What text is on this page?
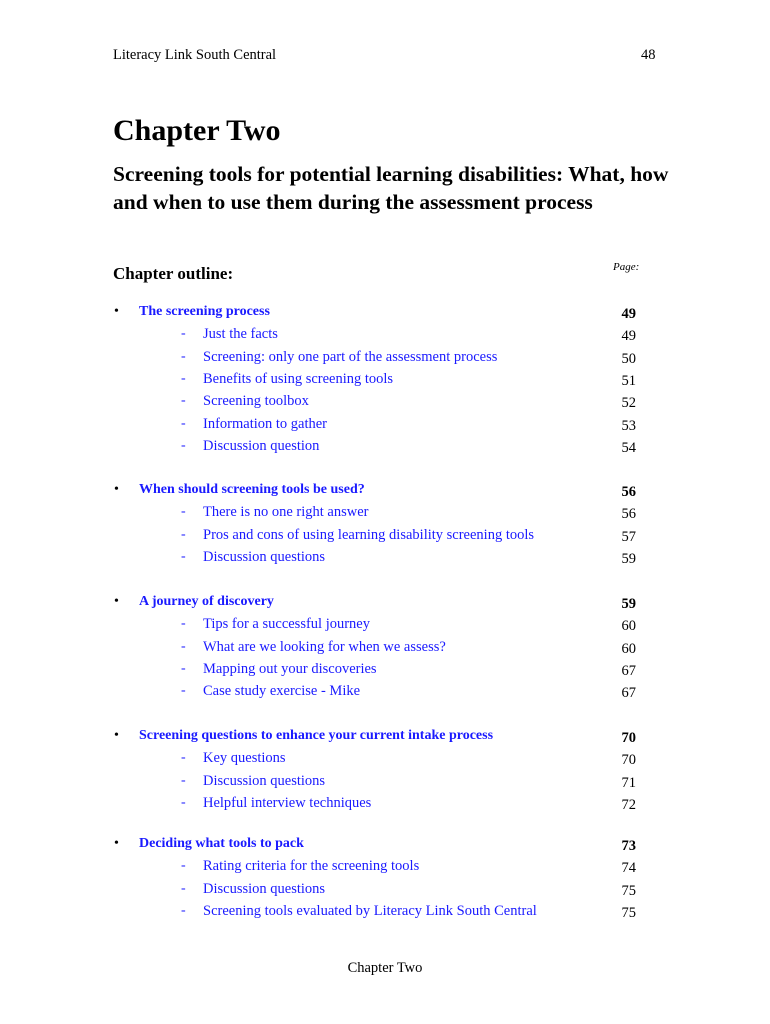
Literacy Link South Central	48
Chapter Two
Screening tools for potential learning disabilities: What, how and when to use them during the assessment process
Chapter outline:	Page:
• The screening process	49
- Just the facts	49
- Screening: only one part of the assessment process	50
- Benefits of using screening tools	51
- Screening toolbox	52
- Information to gather	53
- Discussion question	54
• When should screening tools be used?	56
- There is no one right answer	56
- Pros and cons of using learning disability screening tools	57
- Discussion questions	59
• A journey of discovery	59
- Tips for a successful journey	60
- What are we looking for when we assess?	60
- Mapping out your discoveries	67
- Case study exercise - Mike	67
• Screening questions to enhance your current intake process	70
- Key questions	70
- Discussion questions	71
- Helpful interview techniques	72
• Deciding what tools to pack	73
- Rating criteria for the screening tools	74
- Discussion questions	75
- Screening tools evaluated by Literacy Link South Central	75
Chapter Two
